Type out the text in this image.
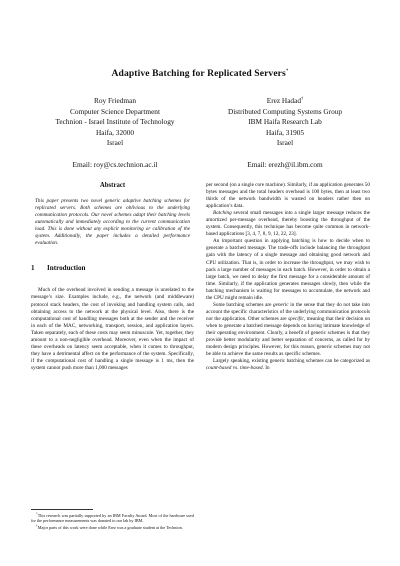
Adaptive Batching for Replicated Servers*
Roy Friedman
Computer Science Department
Technion - Israel Institute of Technology
Haifa, 32000
Israel
Email: roy@cs.technion.ac.il
Erez Hadad†
Distributed Computing Systems Group
IBM Haifa Research Lab
Haifa, 31905
Israel
Email: erezh@il.ibm.com
Abstract

This paper presents two novel generic adaptive batching schemes for replicated servers. Both schemes are oblivious to the underlying communication protocols. Our novel schemes adapt their batching levels automatically and immediately according to the current communication load. This is done without any explicit monitoring or calibration of the system. Additionally, the paper includes a detailed performance evaluation.

1 Introduction

Much of the overhead involved in sending a message is unrelated to the message’s size. Examples include, e.g., the network (and middleware) protocol stack headers, the cost of invoking and handling system calls, and obtaining access to the network at the physical level. Also, there is the computational cost of handling messages both at the sender and the receiver in each of the MAC, networking, transport, session, and application layers. Taken separately, each of these costs may seem minuscule. Yet, together, they amount to a non-negligible overhead. Moreover, even when the impact of these overheads on latency seem acceptable, when it comes to throughput, they have a detrimental affect on the performance of the system. Specifically, if the computational cost of handling a single message is 1 ms, then the system cannot push more than 1,000 messages

*This research was partially supported by an IBM Faculty Award. Most of the hardware used for the performance measurements was donated to our lab by IBM.

†Major parts of this work were done while Erez was a graduate student at the Technion.

per second (on a single core machine). Similarly, if an application generates 50 bytes messages and the total headers overhead is 100 bytes, then at least two thirds of the network bandwidth is wasted on headers rather then on application’s data.

Batching several small messages into a single larger message reduces the amortized per-message overhead, thereby boosting the throughput of the system. Consequently, this technique has become quite common in network-based applications [3, 4, 7, 8, 9, 12, 22, 23].

An important question in applying batching is how to decide when to generate a batched message. The trade-offs include balancing the throughput gain with the latency of a single message and obtaining good network and CPU utilization. That is, in order to increase the throughput, we may wish to pack a large number of messages in each batch. However, in order to obtain a large batch, we need to delay the first message for a considerable amount of time. Similarly, if the application generates messages slowly, then while the batching mechanism is waiting for messages to accumulate, the network and the CPU might remain idle.

Some batching schemes are generic in the sense that they do not take into account the specific characteristics of the underlying communication protocols nor the application. Other schemes are specific, meaning that their decision on when to generate a batched message depends on having intimate knowledge of their operating environment. Clearly, a benefit of generic schemes is that they provide better modularity and better separation of concerns, as called for by modern design principles. However, for this reason, generic schemes may not be able to achieve the same results as specific schemes.

Largely speaking, existing generic batching schemes can be categorized as count-based vs. time-based. In
